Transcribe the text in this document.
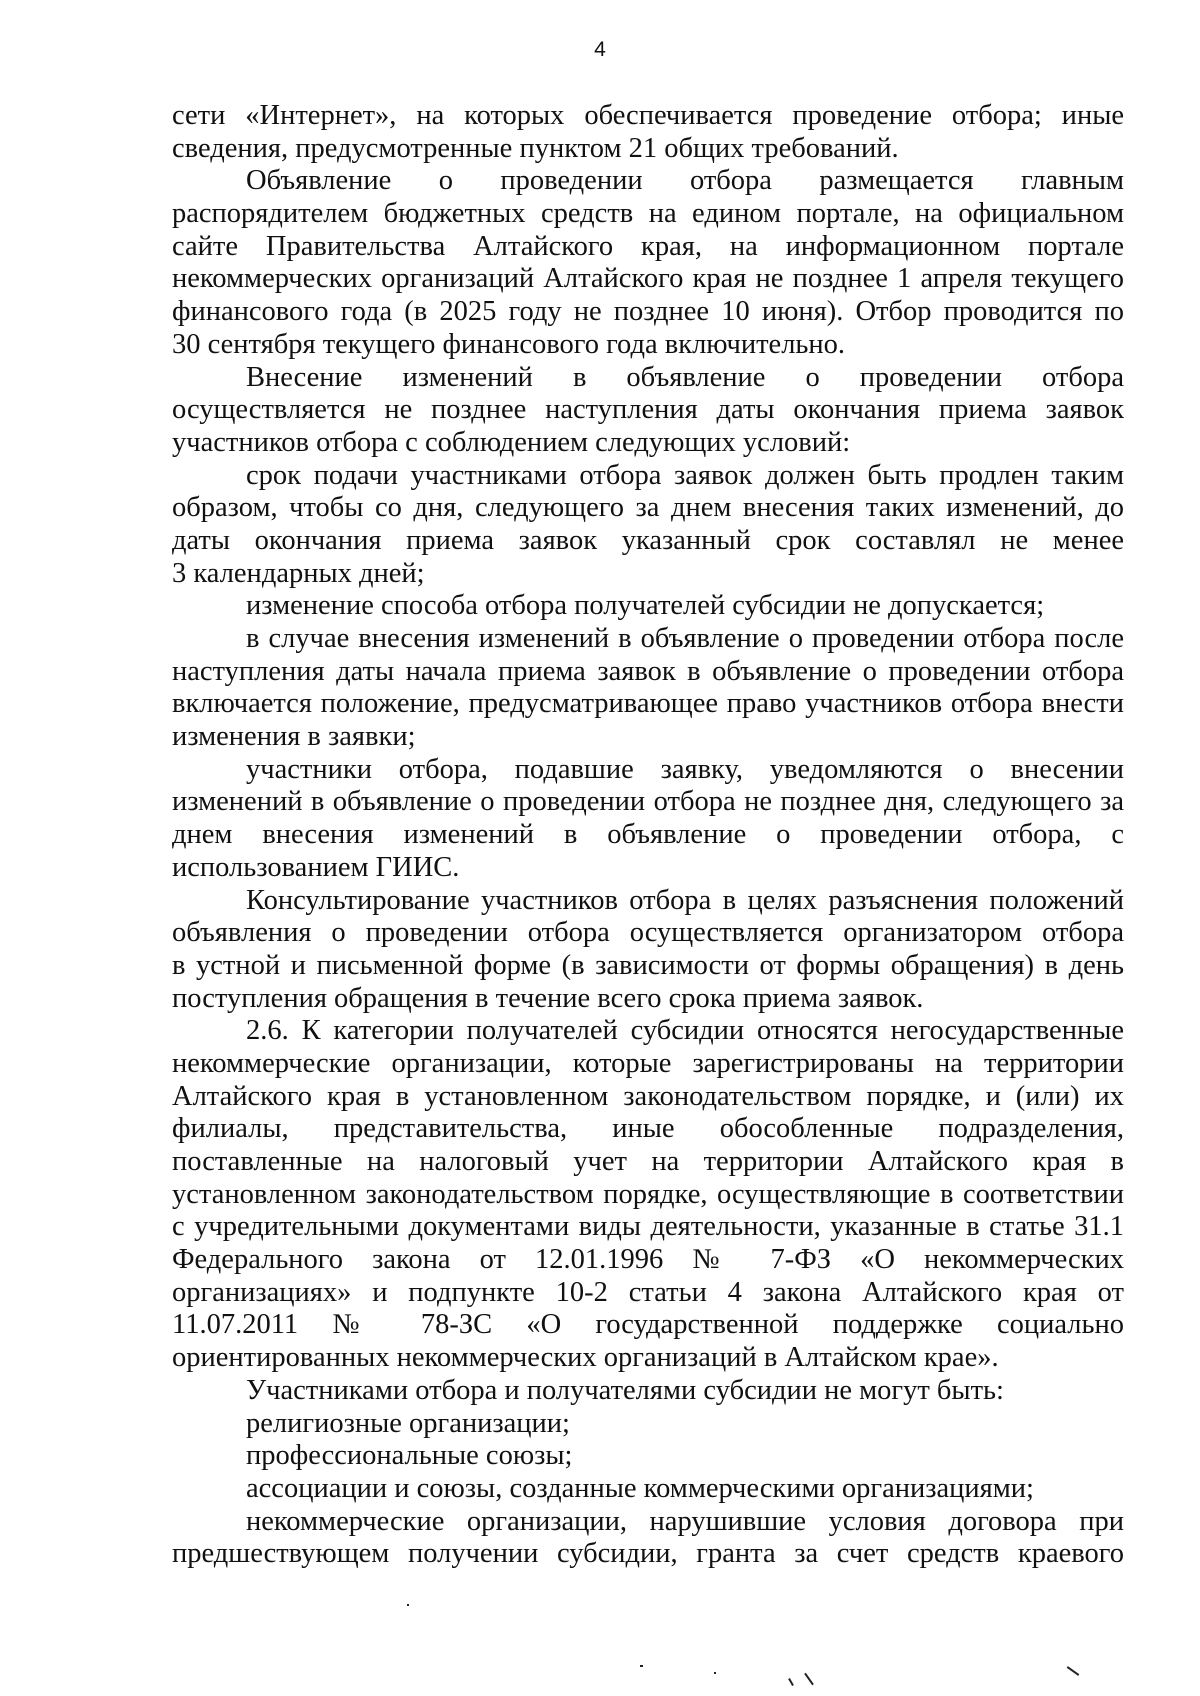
4
сети «Интернет», на которых обеспечивается проведение отбора; иные
сведения, предусмотренные пунктом 21 общих требований.
Объявление о проведении отбора размещается главным
распорядителем бюджетных средств на едином портале, на официальном
сайте Правительства Алтайского края, на информационном портале
некоммерческих организаций Алтайского края не позднее 1 апреля текущего
финансового года (в 2025 году не позднее 10 июня). Отбор проводится по
30 сентября текущего финансового года включительно.
Внесение изменений в объявление о проведении отбора
осуществляется не позднее наступления даты окончания приема заявок
участников отбора с соблюдением следующих условий:
срок подачи участниками отбора заявок должен быть продлен таким
образом, чтобы со дня, следующего за днем внесения таких изменений, до
даты окончания приема заявок указанный срок составлял не менее
3 календарных дней;
изменение способа отбора получателей субсидии не допускается;
в случае внесения изменений в объявление о проведении отбора после
наступления даты начала приема заявок в объявление о проведении отбора
включается положение, предусматривающее право участников отбора внести
изменения в заявки;
участники отбора, подавшие заявку, уведомляются о внесении
изменений в объявление о проведении отбора не позднее дня, следующего за
днем внесения изменений в объявление о проведении отбора, с
использованием ГИИС.
Консультирование участников отбора в целях разъяснения положений
объявления о проведении отбора осуществляется организатором отбора
в устной и письменной форме (в зависимости от формы обращения) в день
поступления обращения в течение всего срока приема заявок.
2.6. К категории получателей субсидии относятся негосударственные
некоммерческие организации, которые зарегистрированы на территории
Алтайского края в установленном законодательством порядке, и (или) их
филиалы, представительства, иные обособленные подразделения,
поставленные на налоговый учет на территории Алтайского края в
установленном законодательством порядке, осуществляющие в соответствии
с учредительными документами виды деятельности, указанные в статье 31.1
Федерального закона от 12.01.1996 № 7-ФЗ «О некоммерческих
организациях» и подпункте 10-2 статьи 4 закона Алтайского края от
11.07.2011 № 78-ЗС «О государственной поддержке социально
ориентированных некоммерческих организаций в Алтайском крае».
Участниками отбора и получателями субсидии не могут быть:
религиозные организации;
профессиональные союзы;
ассоциации и союзы, созданные коммерческими организациями;
некоммерческие организации, нарушившие условия договора при
предшествующем получении субсидии, гранта за счет средств краевого
